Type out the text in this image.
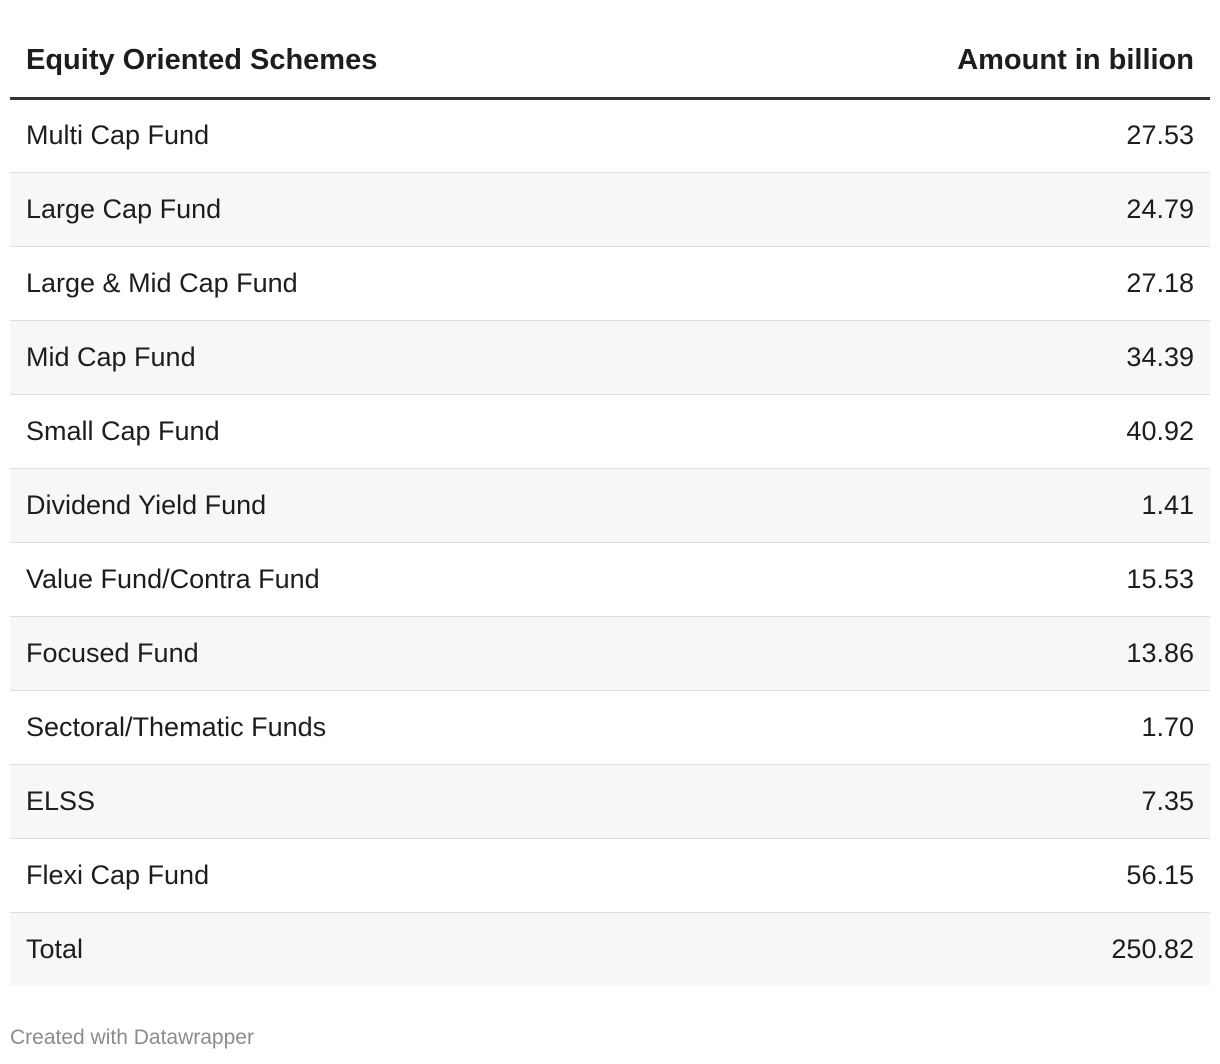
Equity Oriented Schemes	Amount in billion
Multi Cap Fund	27.53
Large Cap Fund	24.79
Large & Mid Cap Fund	27.18
Mid Cap Fund	34.39
Small Cap Fund	40.92
Dividend Yield Fund	1.41
Value Fund/Contra Fund	15.53
Focused Fund	13.86
Sectoral/Thematic Funds	1.70
ELSS	7.35
Flexi Cap Fund	56.15
Total	250.82
Created with Datawrapper
